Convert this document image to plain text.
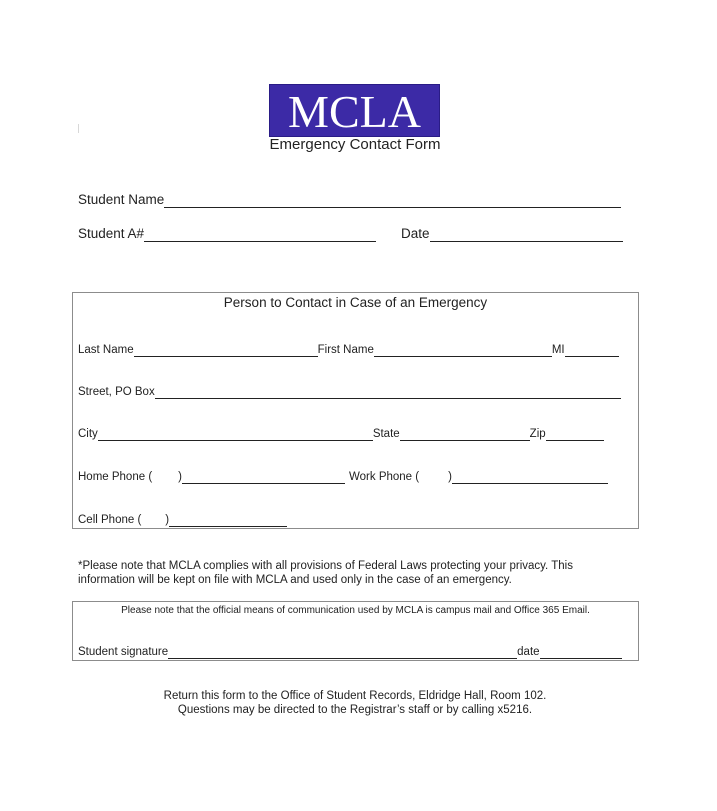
MCLA
Emergency Contact Form
Student Name
Student A#	Date
Person to Contact in Case of an Emergency
Last Name	First Name	MI
Street, PO Box
City	State	Zip
Home Phone ( )	Work Phone (	)
Cell Phone ( )
*Please note that MCLA complies with all provisions of Federal Laws protecting your privacy. This
information will be kept on file with MCLA and used only in the case of an emergency.
Please note that the official means of communication used by MCLA is campus mail and Office 365 Email.
Student signature	date
Return this form to the Office of Student Records, Eldridge Hall, Room 102.
Questions may be directed to the Registrar’s staff or by calling x5216.
